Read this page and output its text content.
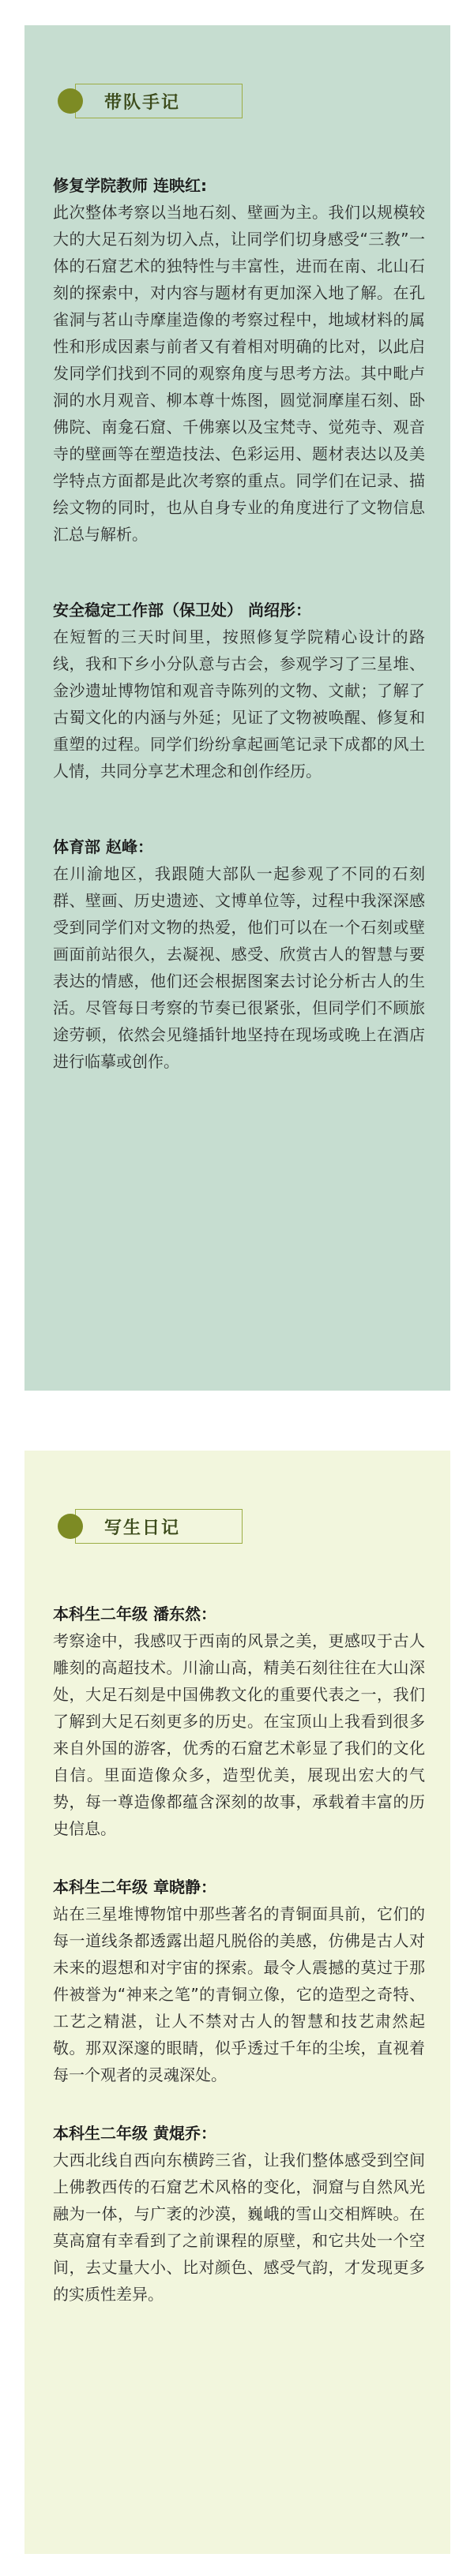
带队手记

修复学院教师 连映红:

此次整体考察以当地石刻、壁画为主。我们以规模较大的大足石刻为切入点，让同学们切身感受“三教”一体的石窟艺术的独特性与丰富性，进而在南、北山石刻的探索中，对内容与题材有更加深入地了解。在孔雀洞与茗山寺摩崖造像的考察过程中，地域材料的属性和形成因素与前者又有着相对明确的比对，以此启发同学们找到不同的观察角度与思考方法。其中毗卢洞的水月观音、柳本尊十炼图，圆觉洞摩崖石刻、卧佛院、南龛石窟、千佛寨以及宝梵寺、觉苑寺、观音寺的壁画等在塑造技法、色彩运用、题材表达以及美学特点方面都是此次考察的重点。同学们在记录、描绘文物的同时，也从自身专业的角度进行了文物信息汇总与解析。

安全稳定工作部（保卫处） 尚绍彤：

在短暂的三天时间里，按照修复学院精心设计的路线，我和下乡小分队意与古会，参观学习了三星堆、金沙遗址博物馆和观音寺陈列的文物、文献；了解了古蜀文化的内涵与外延；见证了文物被唤醒、修复和重塑的过程。同学们纷纷拿起画笔记录下成都的风土人情，共同分享艺术理念和创作经历。

体育部 赵峰：

在川渝地区，我跟随大部队一起参观了不同的石刻群、壁画、历史遗迹、文博单位等，过程中我深深感受到同学们对文物的热爱，他们可以在一个石刻或壁画面前站很久，去凝视、感受、欣赏古人的智慧与要表达的情感，他们还会根据图案去讨论分析古人的生活。尽管每日考察的节奏已很紧张，但同学们不顾旅途劳顿，依然会见缝插针地坚持在现场或晚上在酒店进行临摹或创作。

写生日记

本科生二年级 潘东然：

考察途中，我感叹于西南的风景之美，更感叹于古人雕刻的高超技术。川渝山高，精美石刻往往在大山深处，大足石刻是中国佛教文化的重要代表之一，我们了解到大足石刻更多的历史。在宝顶山上我看到很多来自外国的游客，优秀的石窟艺术彰显了我们的文化自信。里面造像众多，造型优美，展现出宏大的气势，每一尊造像都蕴含深刻的故事，承载着丰富的历史信息。

本科生二年级 章晓静：

站在三星堆博物馆中那些著名的青铜面具前，它们的每一道线条都透露出超凡脱俗的美感，仿佛是古人对未来的遐想和对宇宙的探索。最令人震撼的莫过于那件被誉为“神来之笔”的青铜立像，它的造型之奇特、工艺之精湛，让人不禁对古人的智慧和技艺肃然起敬。那双深邃的眼睛，似乎透过千年的尘埃，直视着每一个观者的灵魂深处。

本科生二年级 黄焜乔：

大西北线自西向东横跨三省，让我们整体感受到空间上佛教西传的石窟艺术风格的变化，洞窟与自然风光融为一体，与广袤的沙漠，巍峨的雪山交相辉映。在莫高窟有幸看到了之前课程的原壁，和它共处一个空间，去丈量大小、比对颜色、感受气韵，才发现更多的实质性差异。
